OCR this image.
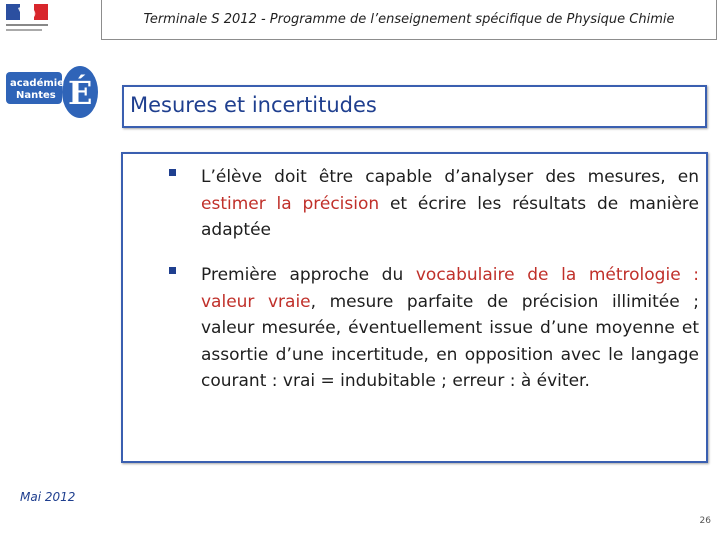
académie
Nantes É
Mai 2012
Terminale S 2012 - Programme de l’enseignement spécifique de Physique Chimie
Mesures et incertitudes
L’élève doit être capable d’analyser des mesures, en estimer la précision et écrire les résultats de manière adaptée
Première approche du vocabulaire de la métrologie : valeur vraie, mesure parfaite de précision illimitée ; valeur mesurée, éventuellement issue d’une moyenne et assortie d’une incertitude, en opposition avec le langage courant : vrai = indubitable ; erreur : à éviter.
26
